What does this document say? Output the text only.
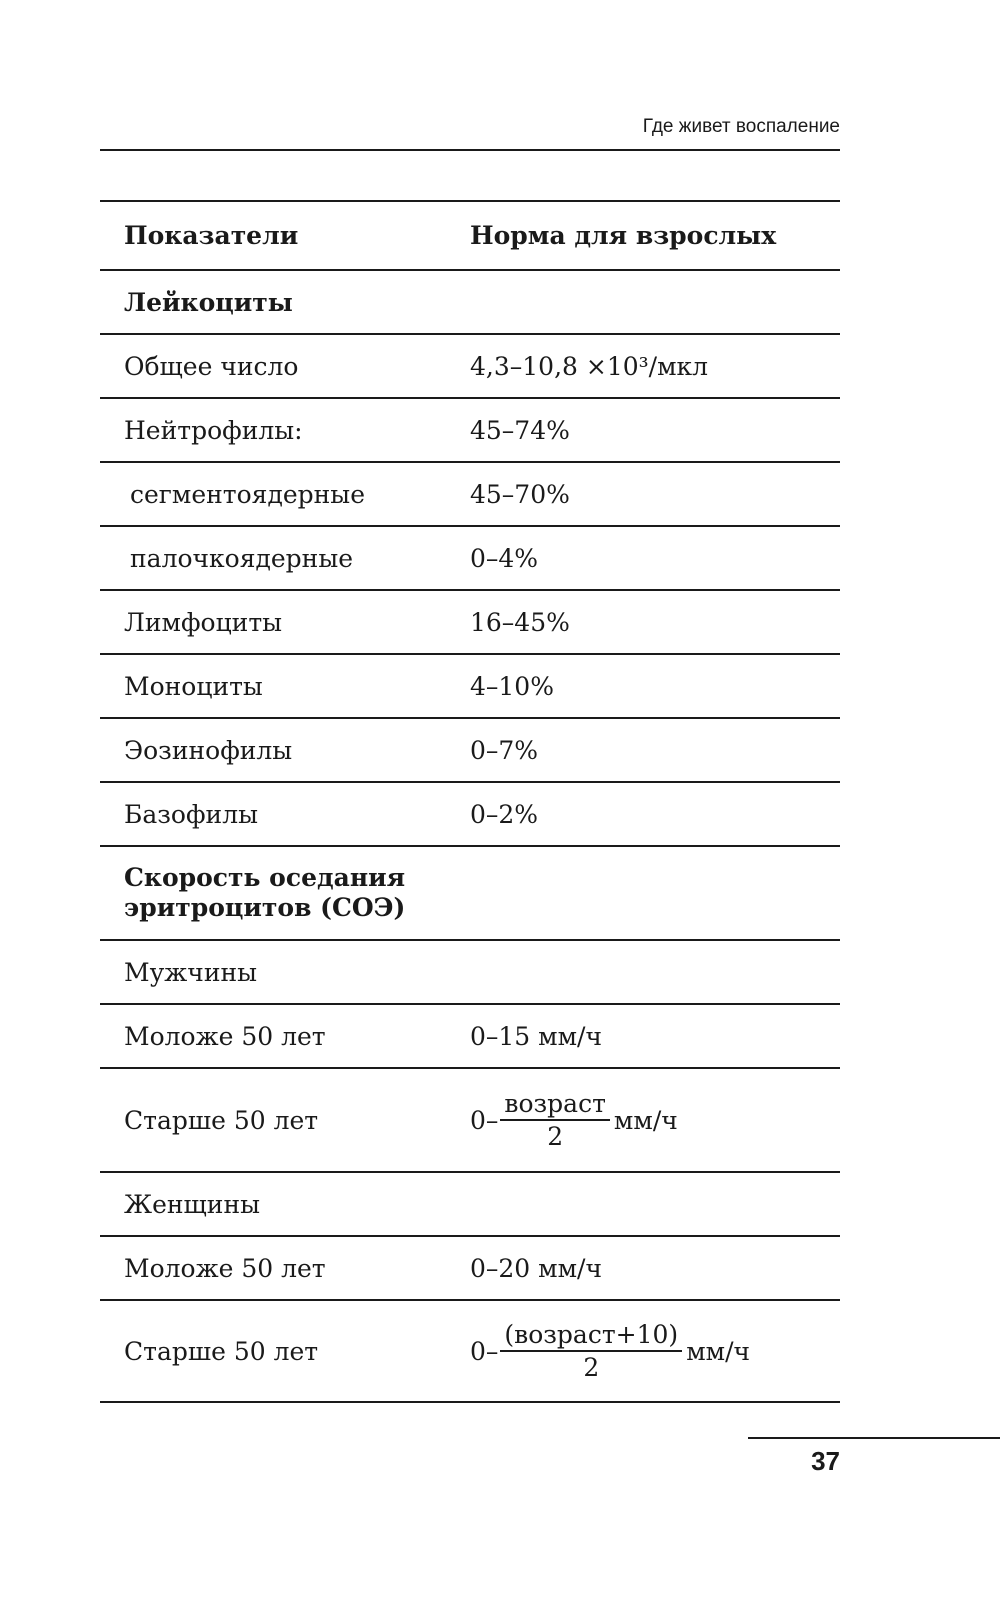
Где живет воспаление
Показатели	Норма для взрослых
Лейкоциты
Общее число	4,3–10,8 ×10³/мкл
Нейтрофилы:	45–74%
сегментоядерные	45–70%
палочкоядерные	0–4%
Лимфоциты	16–45%
Моноциты	4–10%
Эозинофилы	0–7%
Базофилы	0–2%
Скорость оседания
эритроцитов (СОЭ)
Мужчины
Моложе 50 лет	0–15 мм/ч
Старше 50 лет	$0- \frac{\text{возраст}}{2} мм/ч$
Женщины
Моложе 50 лет	0–20 мм/ч
Старше 50 лет	$0- \frac{\text{(возраст+10)}}{2} мм/ч$
37
